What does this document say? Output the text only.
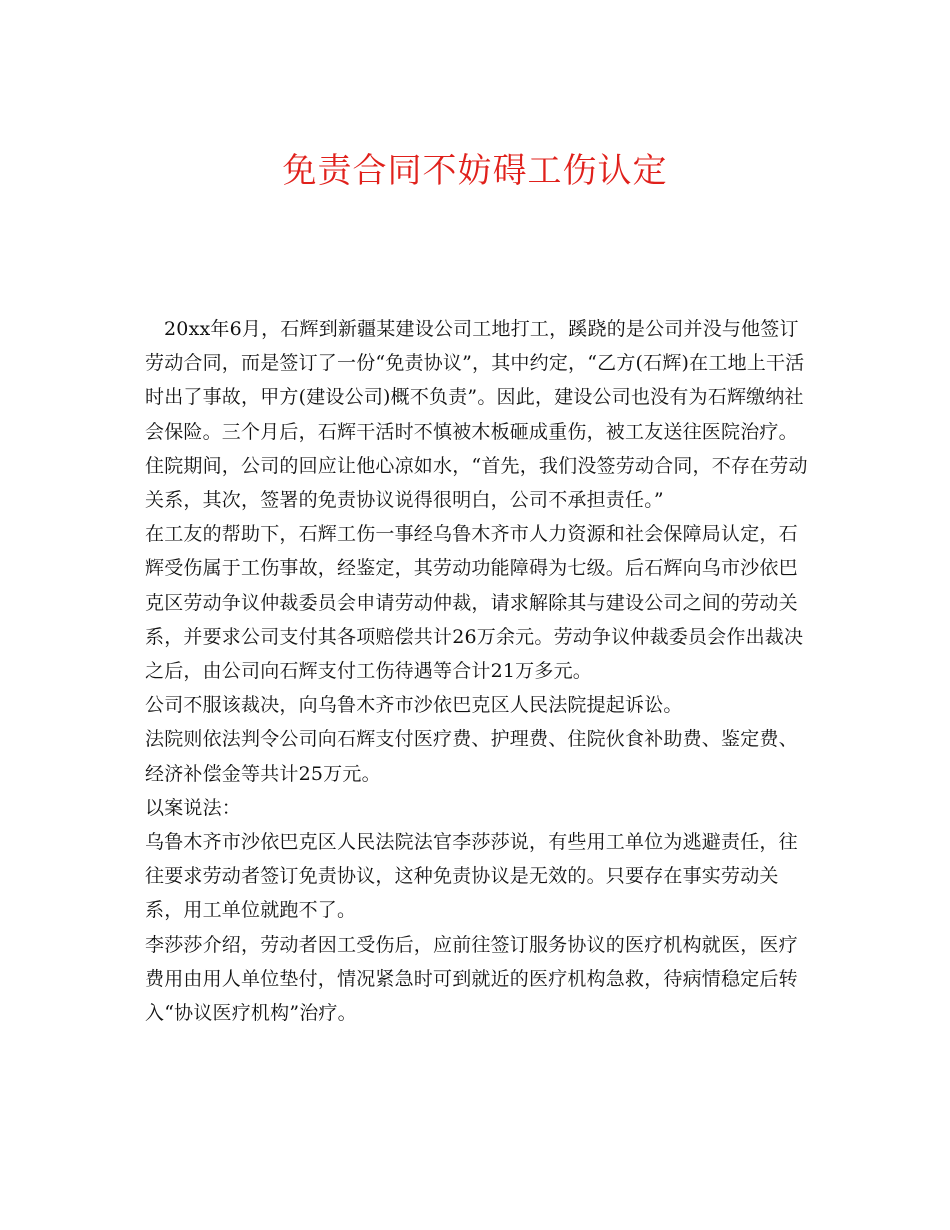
免责合同不妨碍工伤认定

20xx年6月，石辉到新疆某建设公司工地打工，蹊跷的是公司并没与他签订劳动合同，而是签订了一份“免责协议”，其中约定，“乙方(石辉)在工地上干活时出了事故，甲方(建设公司)概不负责”。因此，建设公司也没有为石辉缴纳社会保险。三个月后，石辉干活时不慎被木板砸成重伤，被工友送往医院治疗。

住院期间，公司的回应让他心凉如水，“首先，我们没签劳动合同，不存在劳动关系，其次，签署的免责协议说得很明白，公司不承担责任。”

在工友的帮助下，石辉工伤一事经乌鲁木齐市人力资源和社会保障局认定，石辉受伤属于工伤事故，经鉴定，其劳动功能障碍为七级。后石辉向乌市沙依巴克区劳动争议仲裁委员会申请劳动仲裁，请求解除其与建设公司之间的劳动关系，并要求公司支付其各项赔偿共计26万余元。劳动争议仲裁委员会作出裁决之后，由公司向石辉支付工伤待遇等合计21万多元。

公司不服该裁决，向乌鲁木齐市沙依巴克区人民法院提起诉讼。

法院则依法判令公司向石辉支付医疗费、护理费、住院伙食补助费、鉴定费、经济补偿金等共计25万元。

以案说法：

乌鲁木齐市沙依巴克区人民法院法官李莎莎说，有些用工单位为逃避责任，往往要求劳动者签订免责协议，这种免责协议是无效的。只要存在事实劳动关系，用工单位就跑不了。

李莎莎介绍，劳动者因工受伤后，应前往签订服务协议的医疗机构就医，医疗费用由用人单位垫付，情况紧急时可到就近的医疗机构急救，待病情稳定后转入“协议医疗机构”治疗。
